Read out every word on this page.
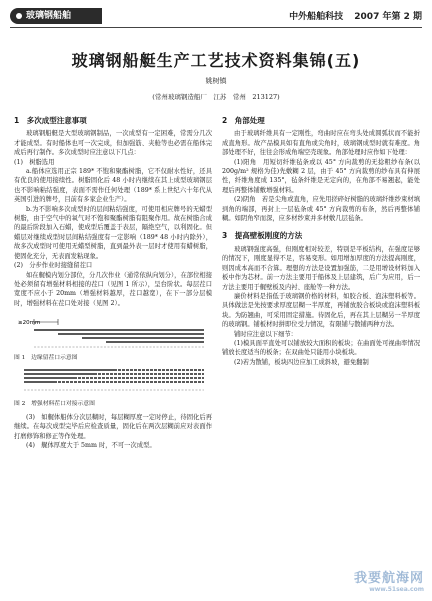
玻璃钢船舶	中外船舶科技 2007 年第 2 期
玻璃钢船艇生产工艺技术资料集锦(五)
姚树镇
(常州玻璃钢造船厂　江苏　常州　213127)
1　多次成型注意事项

玻璃钢船艇是大型玻璃钢制品，一次成型有一定困难，常需分几次才能成型。有时船体也可一次完成，但加强筋、夹舱等也必需在船体完成后再行制作。多次成型时应注意以下几点：

(1)　树脂选用

a.船体应选用正宗 189* 不饱和聚酯树脂，它不仅耐水性好，还具有优良的使用接续性。树脂固化后 48 小时内继续在其上成型玻璃钢层也不影响粘结强度，表面不需作任何处理（189* 系上世纪六十年代从英国引进的牌号，目前有多家企业生产）。

b.为不影响多次成型时的层间粘结强度，可使用相应牌号的无蜡型树脂，由于空气中的氧气对不饱和聚酯树脂有阻聚作用。故在树脂合成的最后阶段加入石蜡，使成型后覆盖于表层，隔绝空气，以利固化。但蜡层对继续成型时层间粘结强度有一定影响（189* 48 小时内除外），故多次成型时可使用无蜡型树脂，直到最外表一层时才使用有蜡树脂，使固化充分，无表面发粘现象。

(2)　分步作业时接缝留茬口

如在艉模内划分部位，分几次作业（通常依纵向划分），在部位相接处必须留有增强材料相接的茬口（见图 1 所示），呈台阶状。每层茬口宽度不应小于 20mm（增强材料越厚，茬口越宽），在下一部分层模时，增强材料在茬口处对接（见图 2）。

≥20mm

图 1　边缘留茬口示意图

图 2　增强材料茬口对接示意图

(3)　如艉体船体分次层糊时，每层糊厚度一定时停止，待固化后再继续。在每次成型完毕后应检查质量，固化后在两次层糊前应对表面作打磨修饰和修正等作处理。

(4)　艉体厚度大于 5mm 时，不可一次成型。

2　角部处理

由于玻璃纤维具有一定刚性，弯曲时应在弯头处成圆弧状而不能折成直角形。故产品模具如有直角或尖角时，玻璃钢成型时就有难度。角部处理不好，往往会形成角端空壳现象。角部处理时应作如下处理：

(1)阳角　用短切纤维毡条或以 45° 方向裁剪的无捻粗纱布条(以 200g/m² 规格为佳)先敷糊 2 层，由于 45° 方向裁剪的纱布具有伸展性，纤维角度成 135°，毡条纤维是无定向的，在角部不易翘起，能处理后再整体铺敷增强材料。

(2)阴角　若是尖角或直角，应先用搓碎好树脂的玻璃纤维纱束材填到角的端部，再封上一层毡条或 45° 方向裁剪的布条，然后再整体铺糊。如阴角窄而深，应多材纱束并多材敷几层毡条。

3　提高壁板刚度的方法

玻璃钢强度高强，但刚度相对较差，特别是平板结构，在强度足够的情况下，刚度显得不足，容易变形。如用增加厚度的方法提高刚度，则因成本高而不合算。理想的方法是设置加强筋，二是用增设材料加入板中作为芯材。前一方法主要用于船体及上层建筑，后广为应用，后一方法主要用于艉壁板及内衬、座舱等一种方法。

廉价材料是指低于玻璃钢价格的材料，如胶合板、泡沫塑料板等。具体做法是先按要求厚度层糊一半厚度，再铺放胶合板块或泡沫塑料板块。为防翘曲，可采用固定措施。待固化后，再在其上层糊另一半厚度的玻璃钢。铺板材时拼即位受力情况，有限铺与散铺两种方法。

铺时应注意以下细节：

(1)模具面平直处可以铺放较大面积的板块；在曲面处可视曲率情况铺放长度适当的板条；在双曲处只能用小块板块。

(2)若为散铺，板块四边应加工成斜坡，避免翻制

我要航海网
www.51sea.com
